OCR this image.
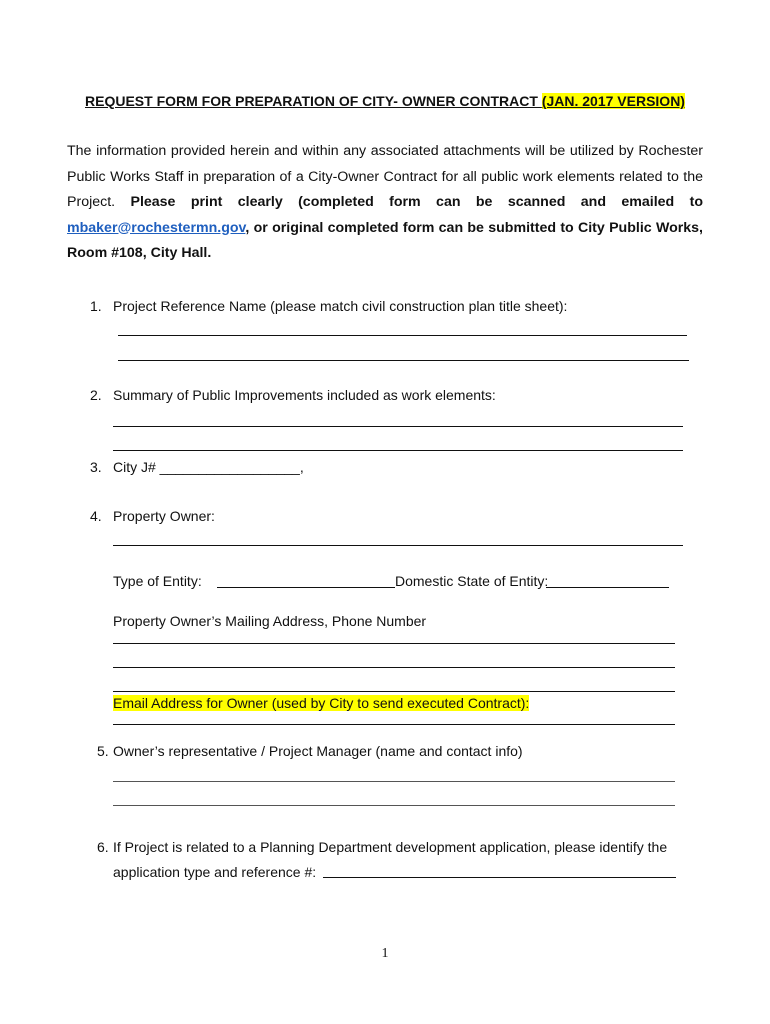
REQUEST FORM FOR PREPARATION OF CITY- OWNER CONTRACT (JAN. 2017 VERSION)
The information provided herein and within any associated attachments will be utilized by Rochester Public Works Staff in preparation of a City-Owner Contract for all public work elements related to the Project. Please print clearly (completed form can be scanned and emailed to mbaker@rochestermn.gov, or original completed form can be submitted to City Public Works, Room #108, City Hall.
1. Project Reference Name (please match civil construction plan title sheet):
2. Summary of Public Improvements included as work elements:
3. City J# __________________,
4. Property Owner:
Type of Entity:	Domestic State of Entity:
Property Owner’s Mailing Address, Phone Number
Email Address for Owner (used by City to send executed Contract):
5. Owner’s representative / Project Manager (name and contact info)
6. If Project is related to a Planning Department development application, please identify the
application type and reference #:
1
